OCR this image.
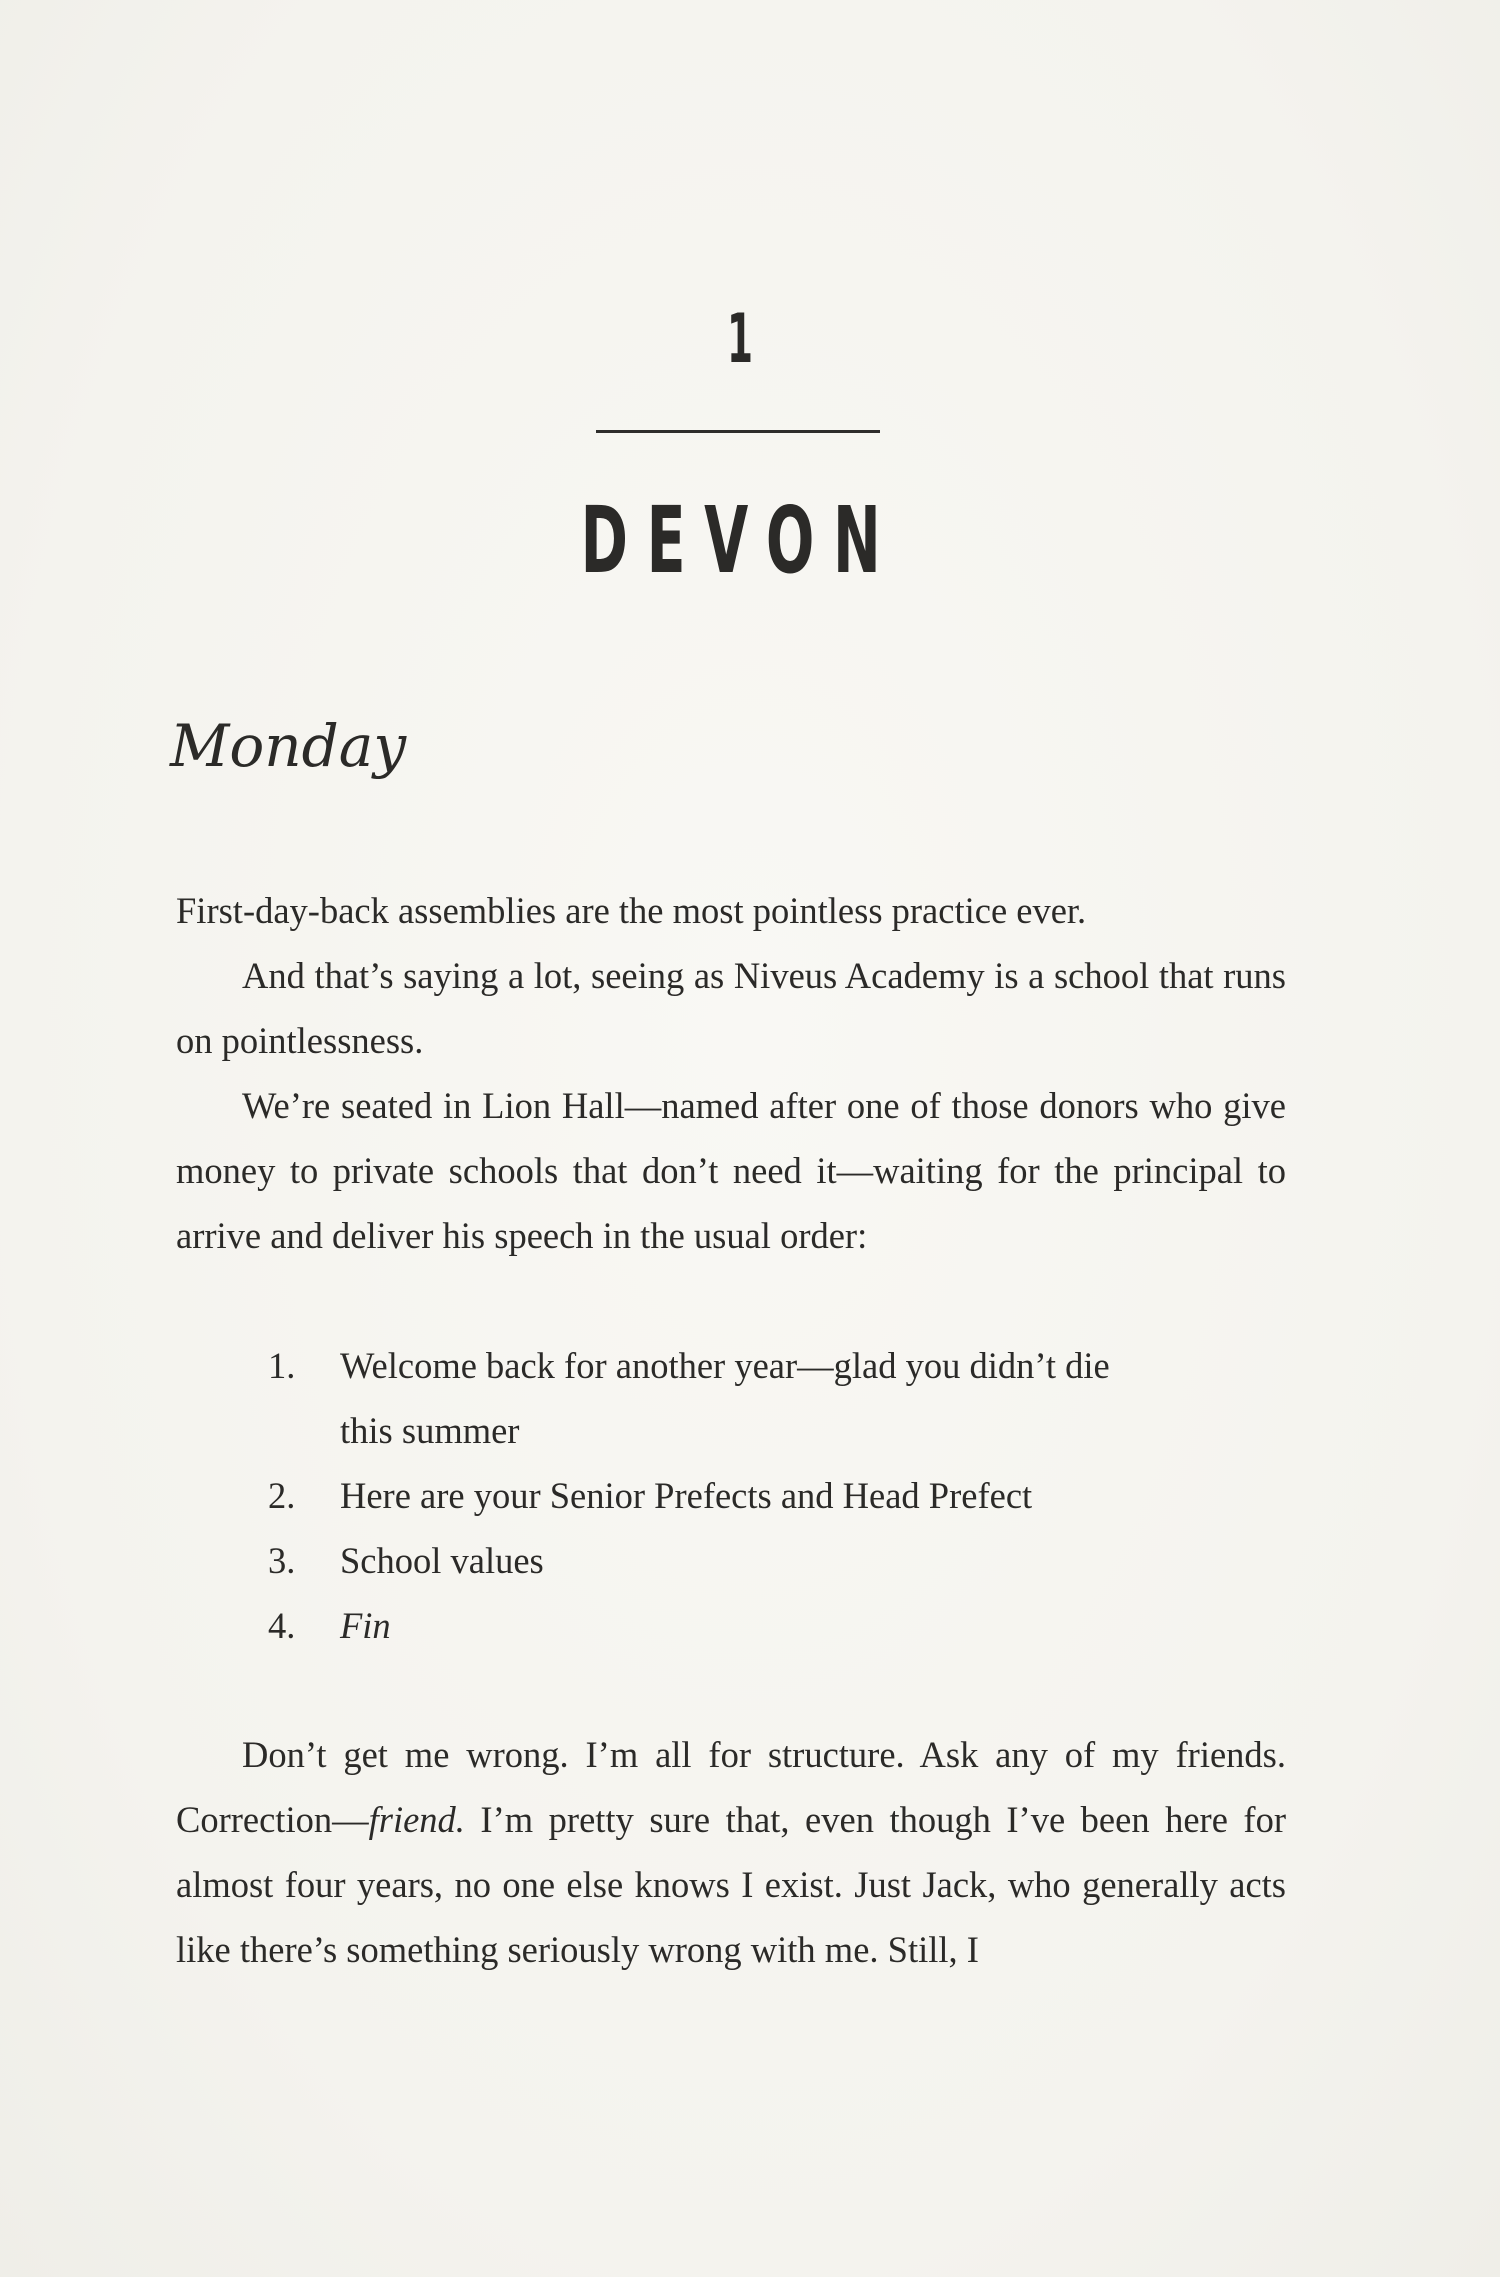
1
DEVON
Monday

First-day-back assemblies are the most pointless practice ever.

And that’s saying a lot, seeing as Niveus Academy is a school that runs on pointlessness.

We’re seated in Lion Hall—named after one of those donors who give money to private schools that don’t need it—waiting for the principal to arrive and deliver his speech in the usual order:

1.	Welcome back for another year—glad you didn’t die this summer
2.	Here are your Senior Prefects and Head Prefect
3.	School values
4.	Fin

Don’t get me wrong. I’m all for structure. Ask any of my friends. Correction—friend. I’m pretty sure that, even though I’ve been here for almost four years, no one else knows I exist. Just Jack, who generally acts like there’s something seriously wrong with me. Still, I
